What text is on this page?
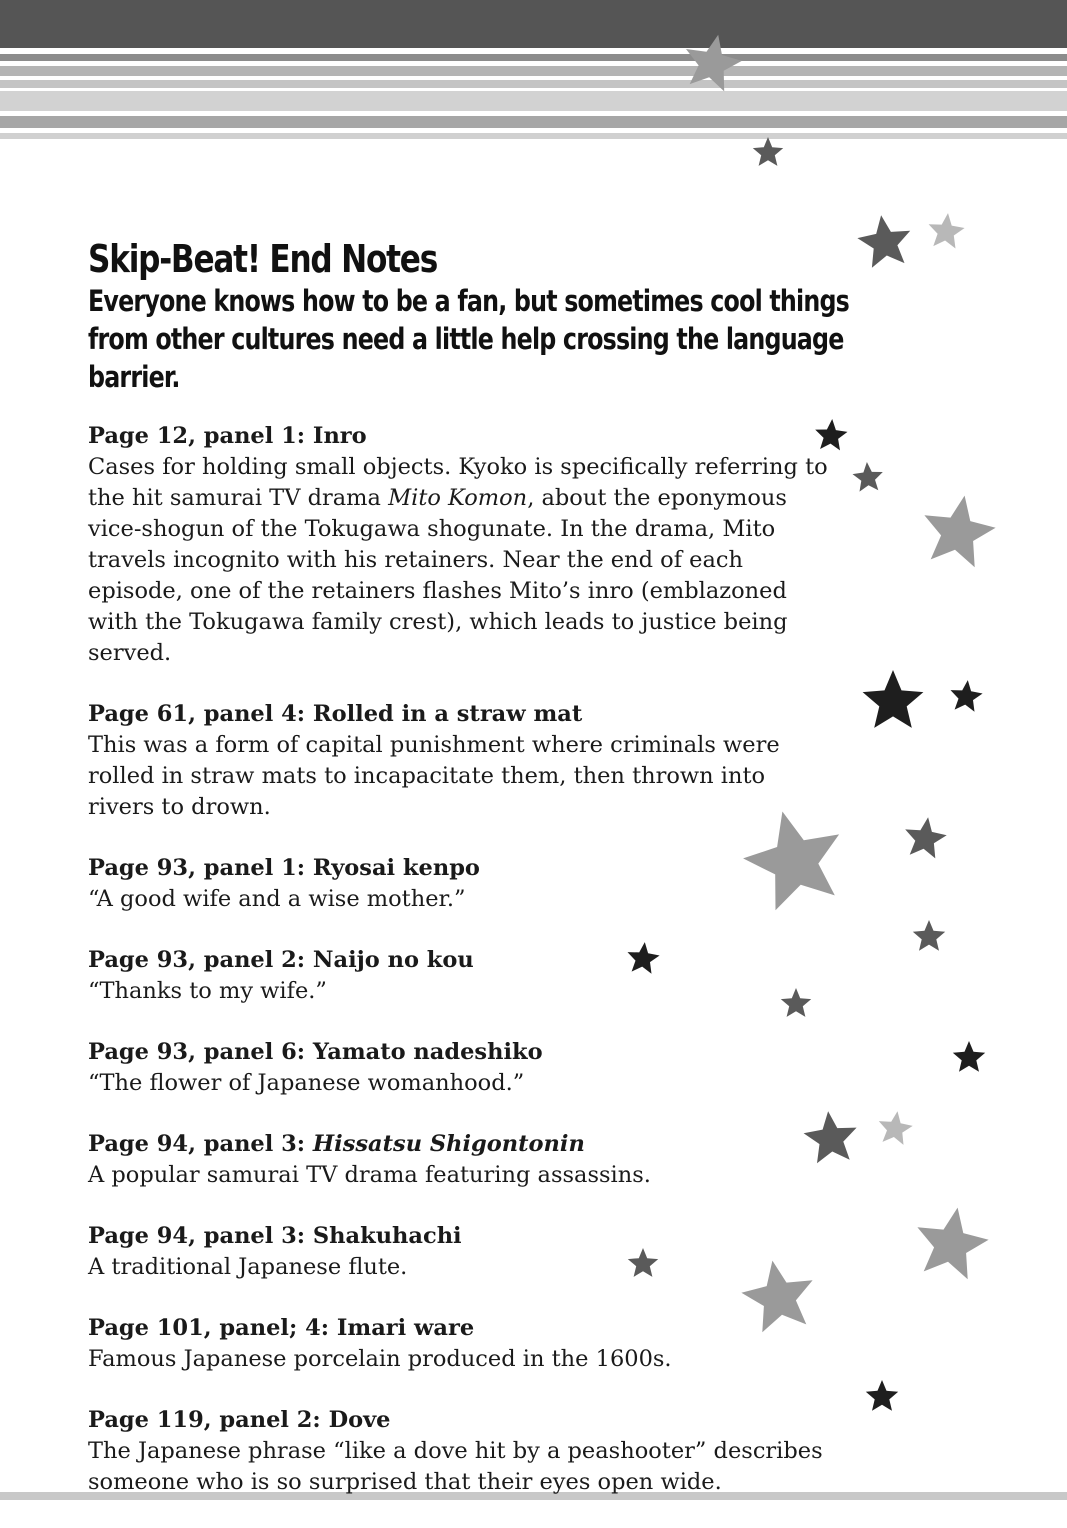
Skip-Beat! End Notes
Everyone knows how to be a fan, but sometimes cool things from other cultures need a little help crossing the language barrier.
Page 12, panel 1: Inro
Cases for holding small objects. Kyoko is specifically referring to the hit samurai TV drama Mito Komon, about the eponymous vice-shogun of the Tokugawa shogunate. In the drama, Mito travels incognito with his retainers. Near the end of each episode, one of the retainers flashes Mito’s inro (emblazoned with the Tokugawa family crest), which leads to justice being served.
Page 61, panel 4: Rolled in a straw mat
This was a form of capital punishment where criminals were rolled in straw mats to incapacitate them, then thrown into rivers to drown.
Page 93, panel 1: Ryosai kenpo
“A good wife and a wise mother.”
Page 93, panel 2: Naijo no kou
“Thanks to my wife.”
Page 93, panel 6: Yamato nadeshiko
“The flower of Japanese womanhood.”
Page 94, panel 3: Hissatsu Shigontonin
A popular samurai TV drama featuring assassins.
Page 94, panel 3: Shakuhachi
A traditional Japanese flute.
Page 101, panel; 4: Imari ware
Famous Japanese porcelain produced in the 1600s.
Page 119, panel 2: Dove
The Japanese phrase “like a dove hit by a peashooter” describes someone who is so surprised that their eyes open wide.
